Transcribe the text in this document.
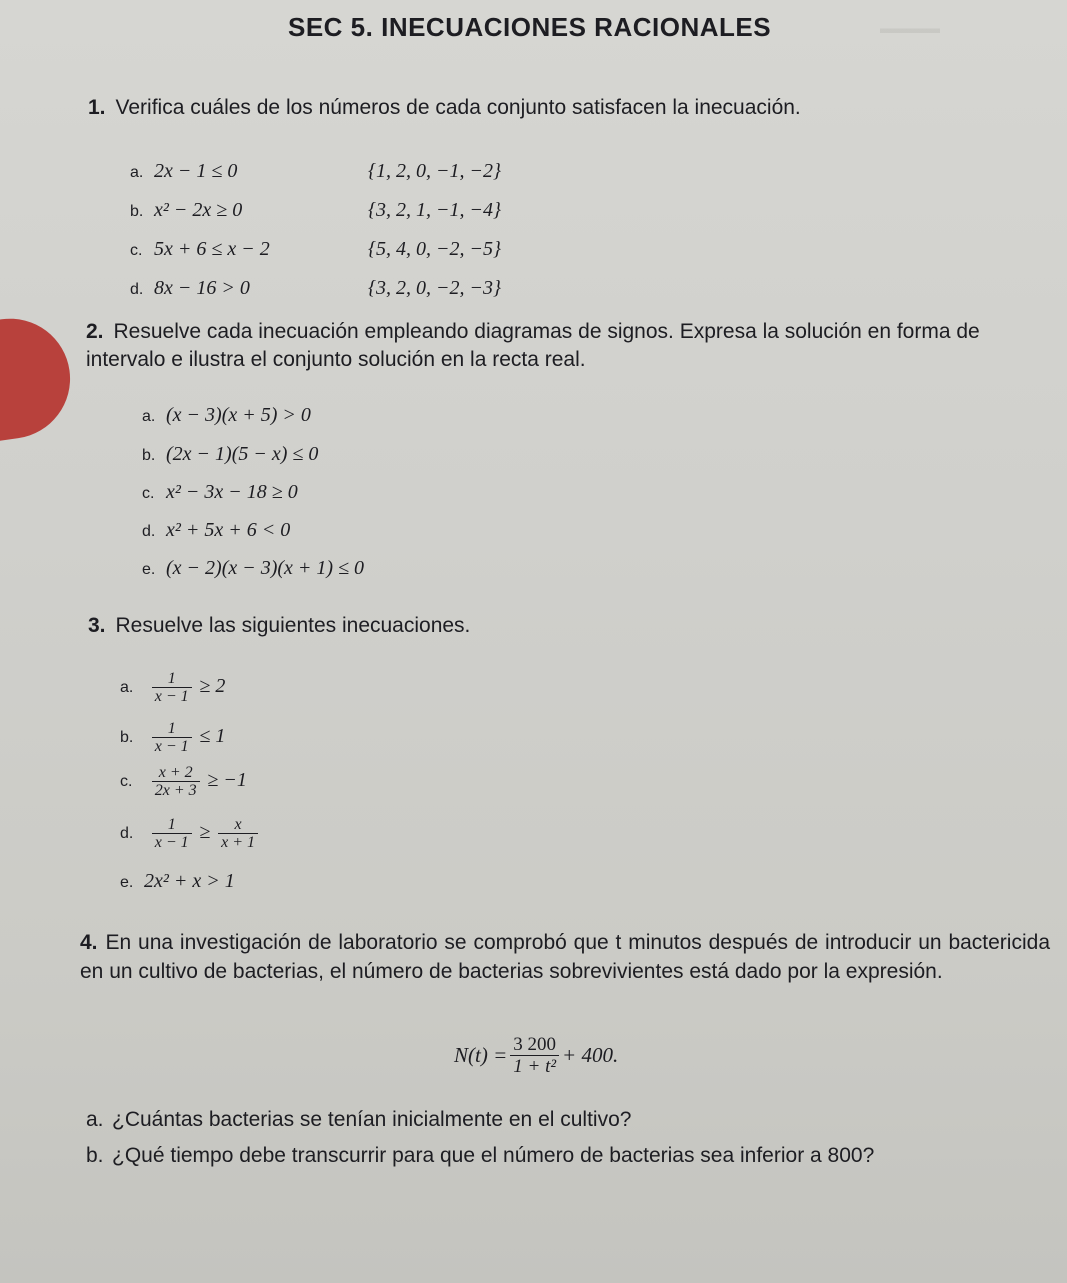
▬▬▬▬
SEC 5. INECUACIONES RACIONALES
1. Verifica cuáles de los números de cada conjunto satisfacen la inecuación.
a. 2x − 1 ≤ 0	{1, 2, 0, −1, −2}
b. x² − 2x ≥ 0	{3, 2, 1, −1, −4}
c. 5x + 6 ≤ x − 2	{5, 4, 0, −2, −5}
d. 8x − 16 > 0	{3, 2, 0, −2, −3}
2. Resuelve cada inecuación empleando diagramas de signos. Expresa la solución en forma de intervalo e ilustra el conjunto solución en la recta real.
a. (x − 3)(x + 5) > 0
b. (2x − 1)(5 − x) ≤ 0
c. x² − 3x − 18 ≥ 0
d. x² + 5x + 6 < 0
e. (x − 2)(x − 3)(x + 1) ≤ 0
3. Resuelve las siguientes inecuaciones.
a. $\frac{1}{x - 1} \ge 2$
b. $\frac{1}{x - 1} \le 1$
c. $\frac{x + 2}{2x + 3} \ge -1$
d. $\frac{1}{x - 1} \ge \frac{x}{x + 1}$
e. 2x² + x > 1
4. En una investigación de laboratorio se comprobó que t minutos después de introducir un bactericida en un cultivo de bacterias, el número de bacterias sobrevivientes está dado por la expresión.
$N(t) = \frac{3 200}{\text{1 + t²}} + 400$.
a. ¿Cuántas bacterias se tenían inicialmente en el cultivo?
b. ¿Qué tiempo debe transcurrir para que el número de bacterias sea inferior a 800?
